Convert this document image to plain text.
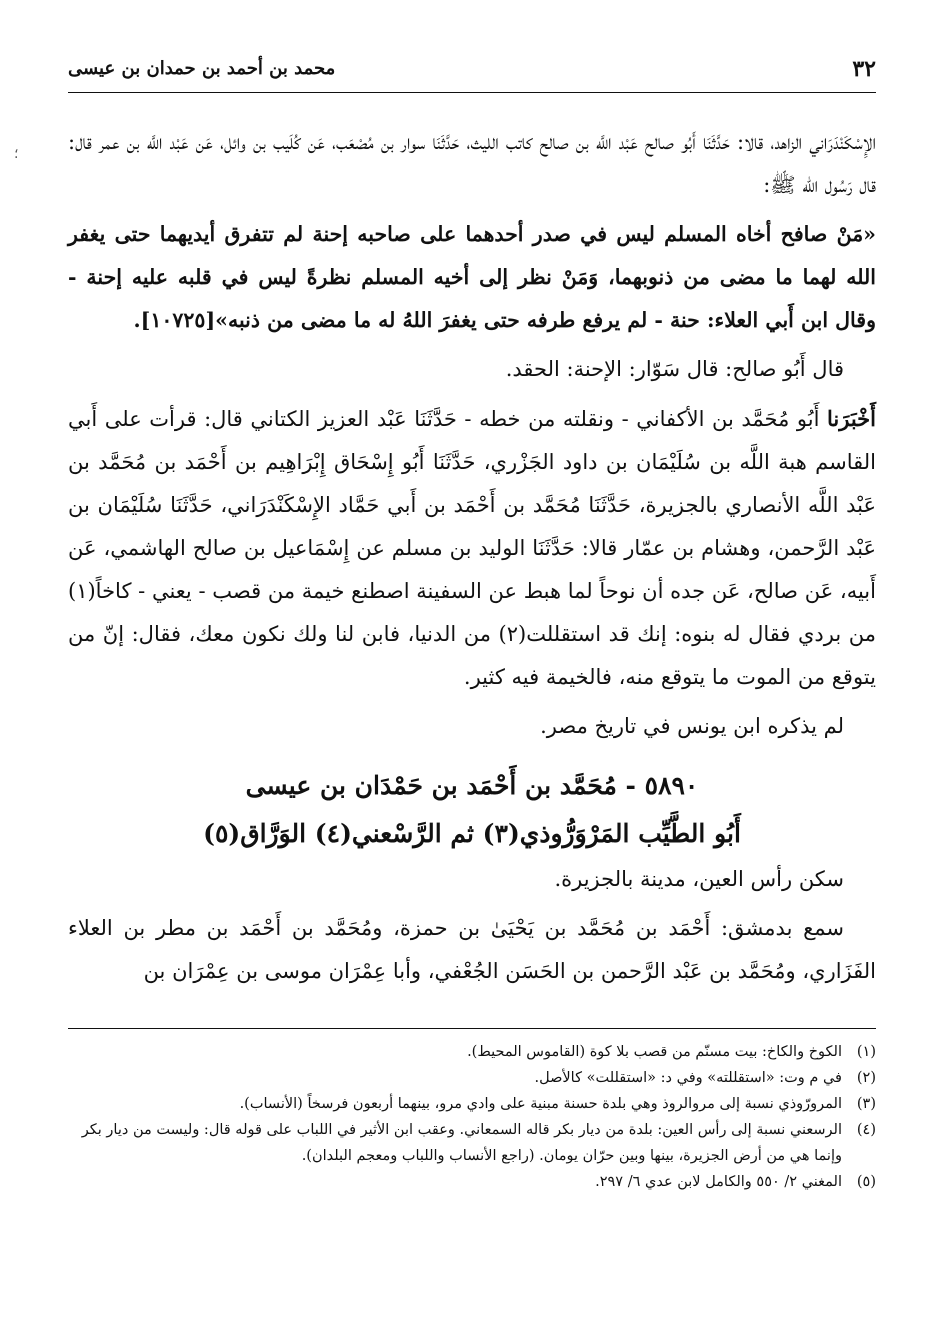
؛
٣٢
محمد بن أحمد بن حمدان بن عيسى

الإِسْكَنْدَرَاني الزاهد، قالا: حَدَّثَنَا أَبُو صالح عَبْد اللَّه بن صالح كاتب الليث، حَدَّثَنَا سوار بن مُصْعَب، عَن كُلَيب بن وائل، عَن عَبْد اللَّه بن عمر قال: قال رَسُول الله ﷺ:

«مَنْ صافح أخاه المسلم ليس في صدر أحدهما على صاحبه إحنة لم تتفرق أيديهما حتى يغفر الله لهما ما مضى من ذنوبهما، وَمَنْ نظر إلى أخيه المسلم نظرةً ليس في قلبه عليه إحنة - وقال ابن أَبي العلاء: حنة - لم يرفع طرفه حتى يغفرَ اللهُ له ما مضى من ذنبه»[١٠٧٢٥].

قال أَبُو صالح: قال سَوّار: الإحنة: الحقد.

أَخْبَرَنا أَبُو مُحَمَّد بن الأكفاني - ونقلته من خطه - حَدَّثَنَا عَبْد العزيز الكتاني قال: قرأت على أَبي القاسم هبة اللَّه بن سُلَيْمَان بن داود الجَزْري، حَدَّثَنَا أَبُو إِسْحَاق إِبْرَاهِيم بن أَحْمَد بن مُحَمَّد بن عَبْد اللَّه الأنصاري بالجزيرة، حَدَّثَنَا مُحَمَّد بن أَحْمَد بن أَبي حَمَّاد الإِسْكَنْدَرَاني، حَدَّثَنَا سُلَيْمَان بن عَبْد الرَّحمن، وهشام بن عمّار قالا: حَدَّثَنَا الوليد بن مسلم عن إِسْمَاعيل بن صالح الهاشمي، عَن أَبيه، عَن صالح، عَن جده أن نوحاً لما هبط عن السفينة اصطنع خيمة من قصب - يعني - كاخاً(١) من بردي فقال له بنوه: إنك قد استقللت(٢) من الدنيا، فابن لنا ولك نكون معك، فقال: إنّ من يتوقع من الموت ما يتوقع منه، فالخيمة فيه كثير.

لم يذكره ابن يونس في تاريخ مصر.

٥٨٩٠ - مُحَمَّد بن أَحْمَد بن حَمْدَان بن عيسى
أَبُو الطَّيِّب المَرْوَرُّوذي(٣) ثم الرَّسْعني(٤) الوَرَّاق(٥)

سكن رأس العين، مدينة بالجزيرة.

سمع بدمشق: أَحْمَد بن مُحَمَّد بن يَحْيَىٰ بن حمزة، ومُحَمَّد بن أَحْمَد بن مطر بن العلاء الفَزَاري، ومُحَمَّد بن عَبْد الرَّحمن بن الحَسَن الجُعْفي، وأبا عِمْرَان موسى بن عِمْرَان بن

(١)
الكوخ والكاخ: بيت مسنّم من قصب بلا كوة (القاموس المحيط).
(٢)
في م وت: «استقللته» وفي د: «استقللت» كالأصل.
(٣)
المرورّوذي نسبة إلى مروالروذ وهي بلدة حسنة مبنية على وادي مرو، بينهما أربعون فرسخاً (الأنساب).
(٤)
الرسعني نسبة إلى رأس العين: بلدة من ديار بكر قاله السمعاني. وعقب ابن الأثير في اللباب على قوله قال: وليست من ديار بكر وإنما هي من أرض الجزيرة، بينها وبين حرّان يومان. (راجع الأنساب واللباب ومعجم البلدان).
(٥)
المغني ٢/ ٥٥٠ والكامل لابن عدي ٦/ ٢٩٧.
